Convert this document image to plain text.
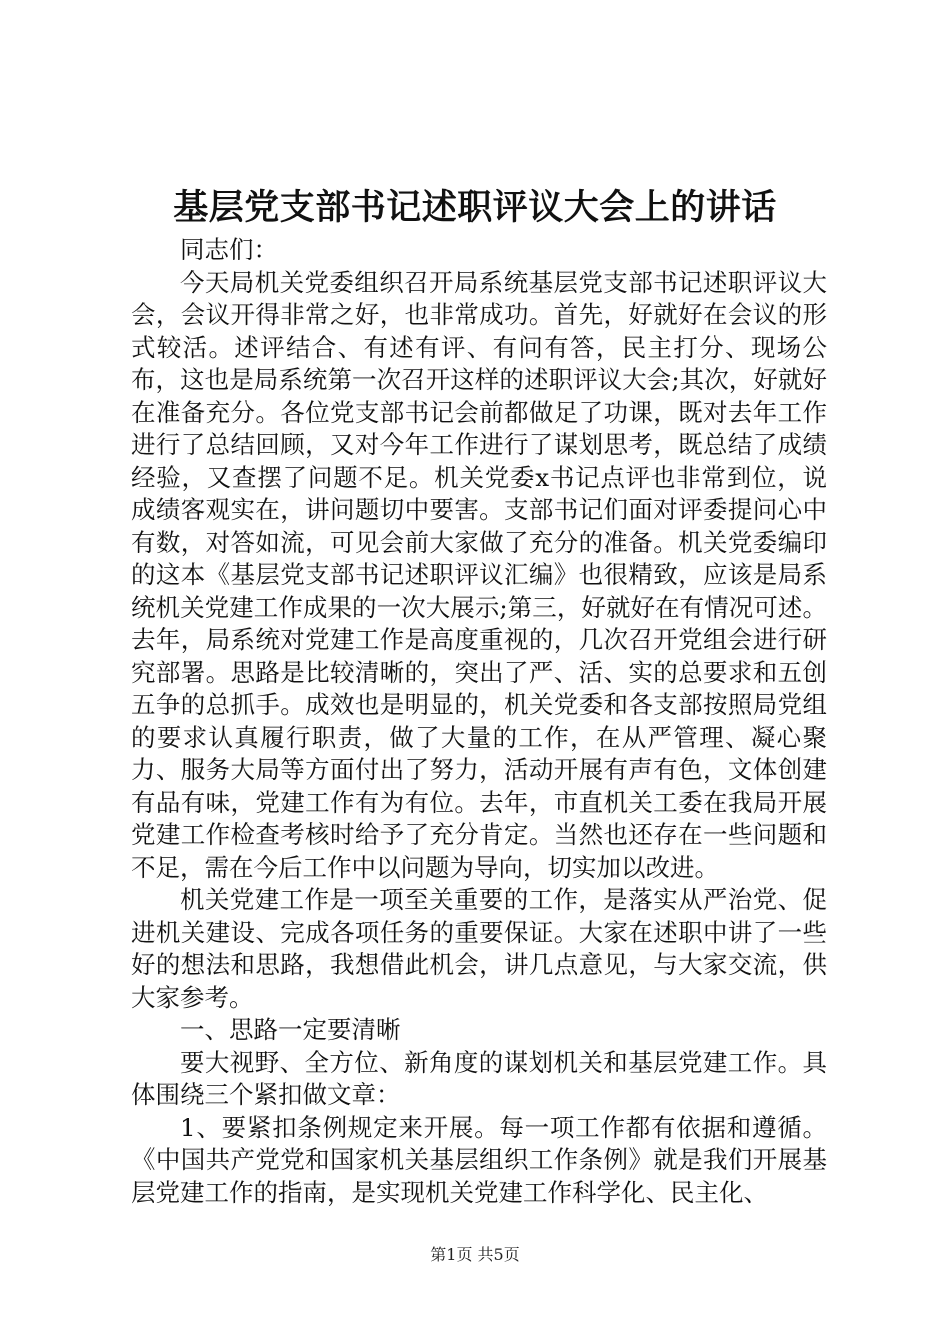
基层党支部书记述职评议大会上的讲话

同志们：

今天局机关党委组织召开局系统基层党支部书记述职评议大会，会议开得非常之好，也非常成功。首先，好就好在会议的形式较活。述评结合、有述有评、有问有答，民主打分、现场公布，这也是局系统第一次召开这样的述职评议大会;其次，好就好在准备充分。各位党支部书记会前都做足了功课，既对去年工作进行了总结回顾，又对今年工作进行了谋划思考，既总结了成绩经验，又查摆了问题不足。机关党委x书记点评也非常到位，说成绩客观实在，讲问题切中要害。支部书记们面对评委提问心中有数，对答如流，可见会前大家做了充分的准备。机关党委编印的这本《基层党支部书记述职评议汇编》也很精致，应该是局系统机关党建工作成果的一次大展示;第三，好就好在有情况可述。去年，局系统对党建工作是高度重视的，几次召开党组会进行研究部署。思路是比较清晰的，突出了严、活、实的总要求和五创五争的总抓手。成效也是明显的，机关党委和各支部按照局党组的要求认真履行职责，做了大量的工作，在从严管理、凝心聚力、服务大局等方面付出了努力，活动开展有声有色，文体创建有品有味，党建工作有为有位。去年，市直机关工委在我局开展党建工作检查考核时给予了充分肯定。当然也还存在一些问题和不足，需在今后工作中以问题为导向，切实加以改进。

机关党建工作是一项至关重要的工作，是落实从严治党、促进机关建设、完成各项任务的重要保证。大家在述职中讲了一些好的想法和思路，我想借此机会，讲几点意见，与大家交流，供大家参考。

一、思路一定要清晰

要大视野、全方位、新角度的谋划机关和基层党建工作。具体围绕三个紧扣做文章：

1、要紧扣条例规定来开展。每一项工作都有依据和遵循。《中国共产党党和国家机关基层组织工作条例》就是我们开展基层党建工作的指南，是实现机关党建工作科学化、民主化、

第1页 共5页
